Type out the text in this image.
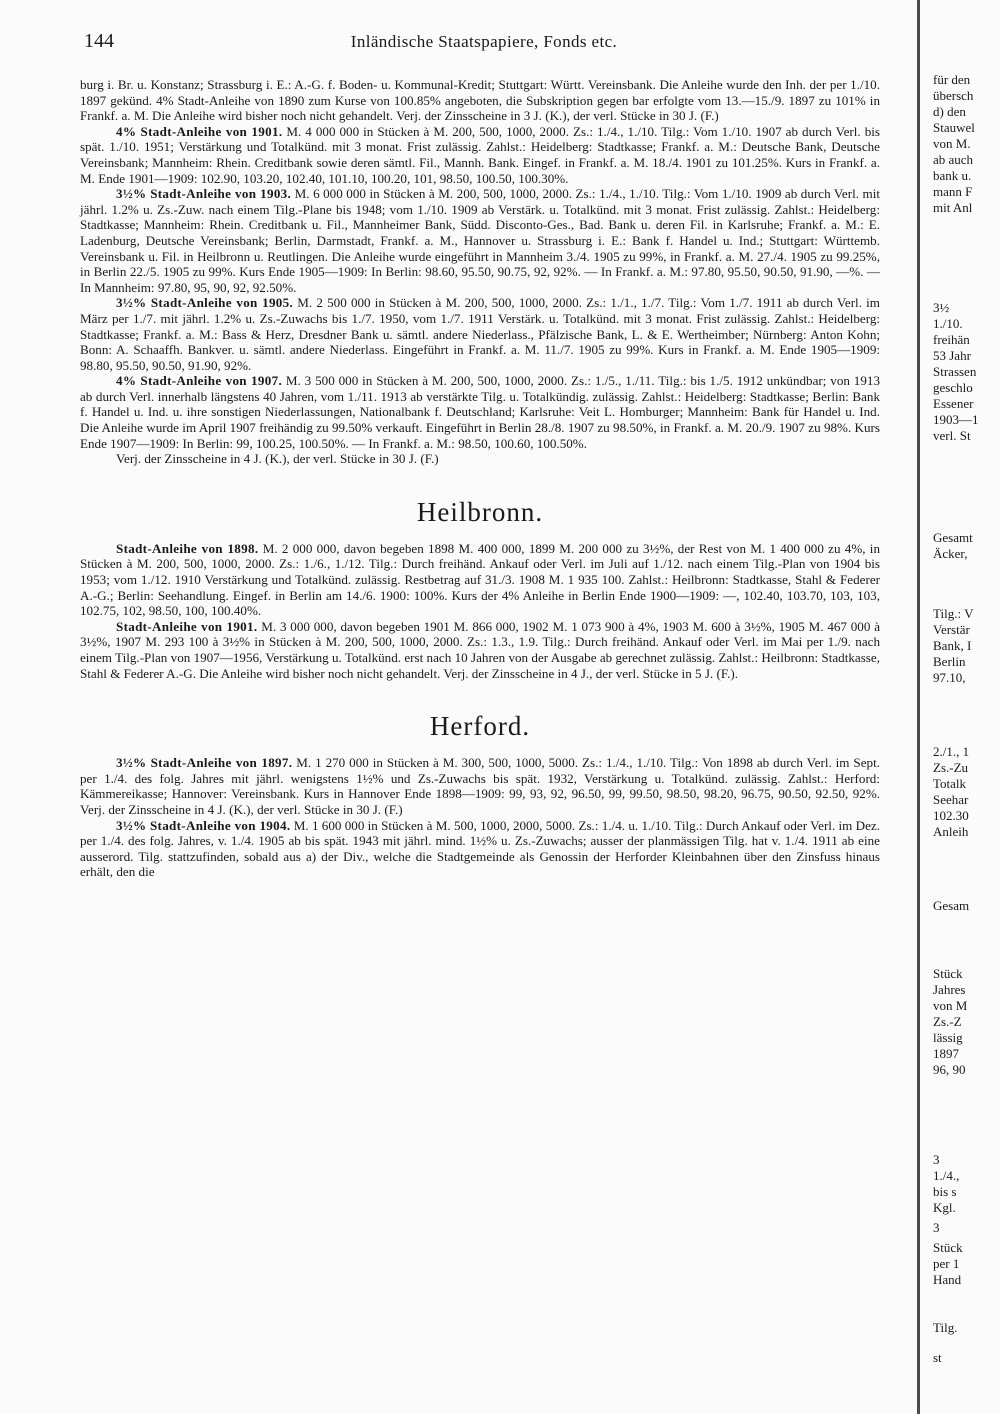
144	Inländische Staatspapiere, Fonds etc.

burg i. Br. u. Konstanz; Strassburg i. E.: A.-G. f. Boden- u. Kommunal-Kredit; Stuttgart: Württ. Vereinsbank. Die Anleihe wurde den Inh. der per 1./10. 1897 gekünd. 4% Stadt-Anleihe von 1890 zum Kurse von 100.85% angeboten, die Subskription gegen bar erfolgte vom 13.—15./9. 1897 zu 101% in Frankf. a. M. Die Anleihe wird bisher noch nicht gehandelt. Verj. der Zinsscheine in 3 J. (K.), der verl. Stücke in 30 J. (F.)

4% Stadt-Anleihe von 1901. M. 4 000 000 in Stücken à M. 200, 500, 1000, 2000. Zs.: 1./4., 1./10. Tilg.: Vom 1./10. 1907 ab durch Verl. bis spät. 1./10. 1951; Verstärkung und Totalkünd. mit 3 monat. Frist zulässig. Zahlst.: Heidelberg: Stadtkasse; Frankf. a. M.: Deutsche Bank, Deutsche Vereinsbank; Mannheim: Rhein. Creditbank sowie deren sämtl. Fil., Mannh. Bank. Eingef. in Frankf. a. M. 18./4. 1901 zu 101.25%. Kurs in Frankf. a. M. Ende 1901—1909: 102.90, 103.20, 102.40, 101.10, 100.20, 101, 98.50, 100.50, 100.30%.

3½% Stadt-Anleihe von 1903. M. 6 000 000 in Stücken à M. 200, 500, 1000, 2000. Zs.: 1./4., 1./10. Tilg.: Vom 1./10. 1909 ab durch Verl. mit jährl. 1.2% u. Zs.-Zuw. nach einem Tilg.-Plane bis 1948; vom 1./10. 1909 ab Verstärk. u. Totalkünd. mit 3 monat. Frist zulässig. Zahlst.: Heidelberg: Stadtkasse; Mannheim: Rhein. Creditbank u. Fil., Mannheimer Bank, Südd. Disconto-Ges., Bad. Bank u. deren Fil. in Karlsruhe; Frankf. a. M.: E. Ladenburg, Deutsche Vereinsbank; Berlin, Darmstadt, Frankf. a. M., Hannover u. Strassburg i. E.: Bank f. Handel u. Ind.; Stuttgart: Württemb. Vereinsbank u. Fil. in Heilbronn u. Reutlingen. Die Anleihe wurde eingeführt in Mannheim 3./4. 1905 zu 99%, in Frankf. a. M. 27./4. 1905 zu 99.25%, in Berlin 22./5. 1905 zu 99%. Kurs Ende 1905—1909: In Berlin: 98.60, 95.50, 90.75, 92, 92%. — In Frankf. a. M.: 97.80, 95.50, 90.50, 91.90, —%. — In Mannheim: 97.80, 95, 90, 92, 92.50%.

3½% Stadt-Anleihe von 1905. M. 2 500 000 in Stücken à M. 200, 500, 1000, 2000. Zs.: 1./1., 1./7. Tilg.: Vom 1./7. 1911 ab durch Verl. im März per 1./7. mit jährl. 1.2% u. Zs.-Zuwachs bis 1./7. 1950, vom 1./7. 1911 Verstärk. u. Totalkünd. mit 3 monat. Frist zulässig. Zahlst.: Heidelberg: Stadtkasse; Frankf. a. M.: Bass & Herz, Dresdner Bank u. sämtl. andere Niederlass., Pfälzische Bank, L. & E. Wertheimber; Nürnberg: Anton Kohn; Bonn: A. Schaaffh. Bankver. u. sämtl. andere Niederlass. Eingeführt in Frankf. a. M. 11./7. 1905 zu 99%. Kurs in Frankf. a. M. Ende 1905—1909: 98.80, 95.50, 90.50, 91.90, 92%.

4% Stadt-Anleihe von 1907. M. 3 500 000 in Stücken à M. 200, 500, 1000, 2000. Zs.: 1./5., 1./11. Tilg.: bis 1./5. 1912 unkündbar; von 1913 ab durch Verl. innerhalb längstens 40 Jahren, vom 1./11. 1913 ab verstärkte Tilg. u. Totalkündig. zulässig. Zahlst.: Heidelberg: Stadtkasse; Berlin: Bank f. Handel u. Ind. u. ihre sonstigen Niederlassungen, Nationalbank f. Deutschland; Karlsruhe: Veit L. Homburger; Mannheim: Bank für Handel u. Ind. Die Anleihe wurde im April 1907 freihändig zu 99.50% verkauft. Eingeführt in Berlin 28./8. 1907 zu 98.50%, in Frankf. a. M. 20./9. 1907 zu 98%. Kurs Ende 1907—1909: In Berlin: 99, 100.25, 100.50%. — In Frankf. a. M.: 98.50, 100.60, 100.50%.

Verj. der Zinsscheine in 4 J. (K.), der verl. Stücke in 30 J. (F.)

Heilbronn.

Stadt-Anleihe von 1898. M. 2 000 000, davon begeben 1898 M. 400 000, 1899 M. 200 000 zu 3½%, der Rest von M. 1 400 000 zu 4%, in Stücken à M. 200, 500, 1000, 2000. Zs.: 1./6., 1./12. Tilg.: Durch freihänd. Ankauf oder Verl. im Juli auf 1./12. nach einem Tilg.-Plan von 1904 bis 1953; vom 1./12. 1910 Verstärkung und Totalkünd. zulässig. Restbetrag auf 31./3. 1908 M. 1 935 100. Zahlst.: Heilbronn: Stadtkasse, Stahl & Federer A.-G.; Berlin: Seehandlung. Eingef. in Berlin am 14./6. 1900: 100%. Kurs der 4% Anleihe in Berlin Ende 1900—1909: —, 102.40, 103.70, 103, 103, 102.75, 102, 98.50, 100, 100.40%.

Stadt-Anleihe von 1901. M. 3 000 000, davon begeben 1901 M. 866 000, 1902 M. 1 073 900 à 4%, 1903 M. 600 à 3½%, 1905 M. 467 000 à 3½%, 1907 M. 293 100 à 3½% in Stücken à M. 200, 500, 1000, 2000. Zs.: 1.3., 1.9. Tilg.: Durch freihänd. Ankauf oder Verl. im Mai per 1./9. nach einem Tilg.-Plan von 1907—1956, Verstärkung u. Totalkünd. erst nach 10 Jahren von der Ausgabe ab gerechnet zulässig. Zahlst.: Heilbronn: Stadtkasse, Stahl & Federer A.-G. Die Anleihe wird bisher noch nicht gehandelt. Verj. der Zinsscheine in 4 J., der verl. Stücke in 5 J. (F.).

Herford.

3½% Stadt-Anleihe von 1897. M. 1 270 000 in Stücken à M. 300, 500, 1000, 5000. Zs.: 1./4., 1./10. Tilg.: Von 1898 ab durch Verl. im Sept. per 1./4. des folg. Jahres mit jährl. wenigstens 1½% und Zs.-Zuwachs bis spät. 1932, Verstärkung u. Totalkünd. zulässig. Zahlst.: Herford: Kämmereikasse; Hannover: Vereinsbank. Kurs in Hannover Ende 1898—1909: 99, 93, 92, 96.50, 99, 99.50, 98.50, 98.20, 96.75, 90.50, 92.50, 92%. Verj. der Zinsscheine in 4 J. (K.), der verl. Stücke in 30 J. (F.)

3½% Stadt-Anleihe von 1904. M. 1 600 000 in Stücken à M. 500, 1000, 2000, 5000. Zs.: 1./4. u. 1./10. Tilg.: Durch Ankauf oder Verl. im Dez. per 1./4. des folg. Jahres, v. 1./4. 1905 ab bis spät. 1943 mit jährl. mind. 1½% u. Zs.-Zuwachs; ausser der planmässigen Tilg. hat v. 1./4. 1911 ab eine ausserord. Tilg. stattzufinden, sobald aus a) der Div., welche die Stadtgemeinde als Genossin der Herforder Kleinbahnen über den Zinsfuss hinaus erhält, den die

für den
übersch
d) den
Stauwel
von M.
ab auch
bank u.
mann F
mit Anl
3½
1./10.
freihän
53 Jahr
Strassen
geschlo
Essener
1903—1
verl. St
Gesamt
Äcker,
Tilg.: V
Verstär
Bank, I
Berlin
97.10,
2./1., 1
Zs.-Zu
Totalk
Seehar
102.30
Anleih
Gesam
Stück
Jahres
von M
Zs.-Z
lässig
1897
96, 90
3
1./4.,
bis s
Kgl.
3
Stück
per 1
Hand
Tilg.
st
